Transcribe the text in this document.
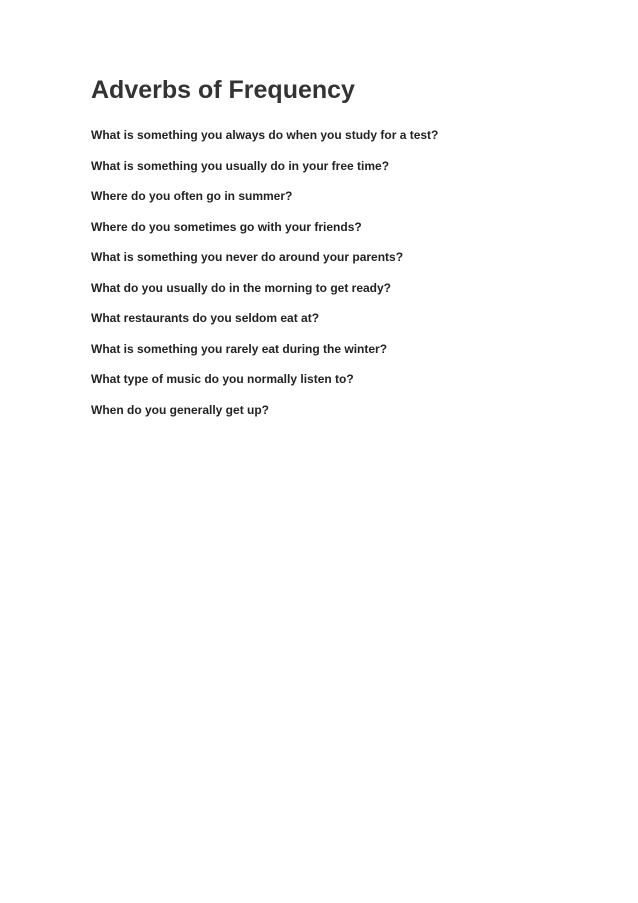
Adverbs of Frequency
What is something you always do when you study for a test?
What is something you usually do in your free time?
Where do you often go in summer?
Where do you sometimes go with your friends?
What is something you never do around your parents?
What do you usually do in the morning to get ready?
What restaurants do you seldom eat at?
What is something you rarely eat during the winter?
What type of music do you normally listen to?
When do you generally get up?
